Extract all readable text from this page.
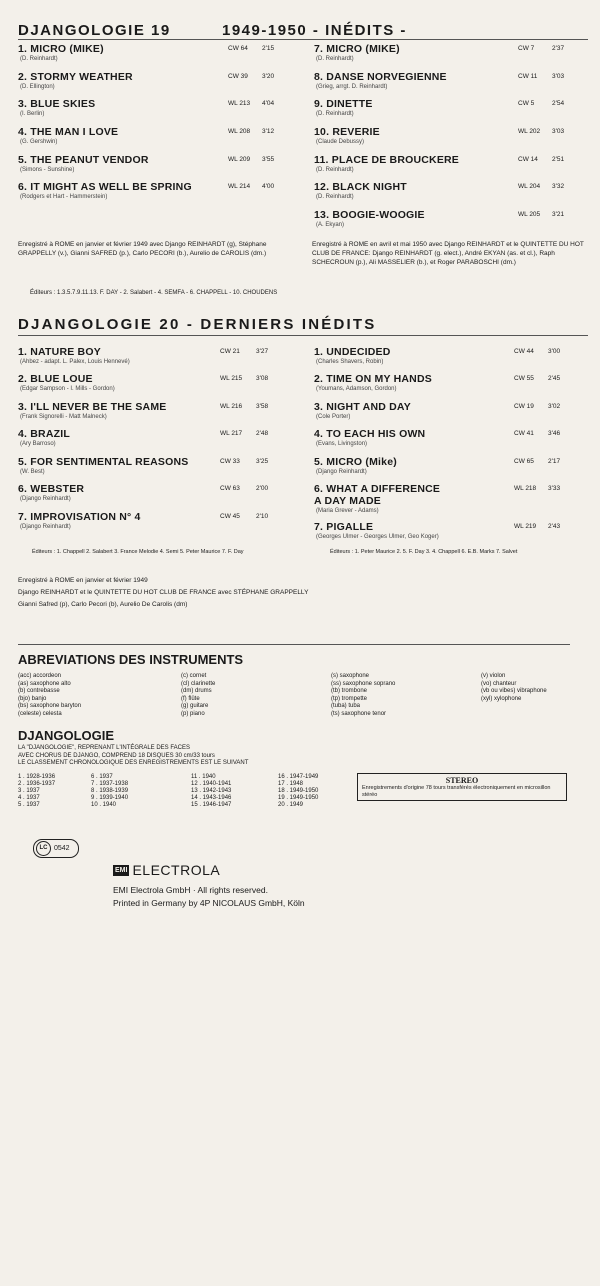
DJANGOLOGIE 19	1949-1950 - INÉDITS -
1. MICRO (MIKE)
(D. Reinhardt)
CW 64 2'15
2. STORMY WEATHER
(D. Ellington)
CW 39 3'20
3. BLUE SKIES
(I. Berlin)
WL 213 4'04
4. THE MAN I LOVE
(G. Gershwin)
WL 208 3'12
5. THE PEANUT VENDOR
(Simons - Sunshine)
WL 209 3'55
6. IT MIGHT AS WELL BE SPRING
(Rodgers et Hart - Hammerstein)
WL 214 4'00
7. MICRO (MIKE)
(D. Reinhardt)
CW 7	2'37
8. DANSE NORVEGIENNE
(Grieg, arrgt. D. Reinhardt)
CW 11 3'03
9. DINETTE
(D. Reinhardt)
CW 5	2'54
10. REVERIE
(Claude Debussy)
WL 202 3'03
11. PLACE DE BROUCKERE
(D. Reinhardt)
CW 14 2'51
12. BLACK NIGHT
(D. Reinhardt)
WL 204 3'32
13. BOOGIE-WOOGIE
(A. Ekyan)
WL 205 3'21
Enregistré à ROME en janvier et février 1949 avec Django REINHARDT (g), Stéphane GRAPPELLY (v.), Gianni SAFRED (p.), Carlo PECORI (b.), Aurelio de CAROLIS (dm.)
Enregistré à ROME en avril et mai 1950 avec Django REINHARDT et le QUINTETTE DU HOT CLUB DE FRANCE: Django REINHARDT (g. elect.), André EKYAN (as. et cl.), Raph SCHECROUN (p.), Ali MASSELIER (b.), et Roger PARABOSCHI (dm.)
Éditeurs : 1.3.5.7.9.11.13. F. DAY - 2. Salabert - 4. SEMFA - 6. CHAPPELL - 10. CHOUDENS
DJANGOLOGIE 20 - DERNIERS INÉDITS
1. NATURE BOY
(Ahbez - adapt. L. Palex, Louis Hennevé)
CW 21 3'27
2. BLUE LOUE
(Edgar Sampson - I. Mills - Gordon)
WL 215 3'08
3. I'LL NEVER BE THE SAME
(Frank Signorelli - Matt Malneck)
WL 216 3'58
4. BRAZIL
(Ary Barroso)
WL 217 2'48
5. FOR SENTIMENTAL REASONS
(W. Best)
CW 33 3'25
6. WEBSTER
(Django Reinhardt)
CW 63 2'00
7. IMPROVISATION N° 4
(Django Reinhardt)
CW 45 2'10
1. UNDECIDED
(Charles Shavers, Robin)
CW 44 3'00
2. TIME ON MY HANDS
(Youmans, Adamson, Gordon)
CW 55 2'45
3. NIGHT AND DAY
(Cole Porter)
CW 19 3'02
4. TO EACH HIS OWN
(Evans, Livingston)
CW 41 3'46
5. MICRO (Mike)
(Django Reinhardt)
CW 65 2'17
6. WHAT A DIFFERENCE
A DAY MADE
(Maria Grever - Adams)
WL 218 3'33
7. PIGALLE
(Georges Ulmer - Georges Ulmer, Geo Koger)
WL 219 2'43
Éditeurs : 1. Chappell 2. Salabert 3. France Melodie 4. Semi 5. Peter Maurice 7. F. Day	Éditeurs : 1. Peter Maurice 2. 5. F. Day 3. 4. Chappell 6. E.B. Marks 7. Salvet
Enregistré à ROME en janvier et février 1949
Django REINHARDT et le QUINTETTE DU HOT CLUB DE FRANCE avec STÉPHANE GRAPPELLY
Gianni Safred (p), Carlo Pecori (b), Aurelio De Carolis (dm)
ABREVIATIONS DES INSTRUMENTS
(acc) accordeon
(as) saxophone alto
(b) contrebasse
(bjo) banjo
(bs) saxophone baryton
(celeste) celesta
(c) cornet
(cl) clarinette
(dm) drums
(f) flûte
(g) guitare
(p) piano
(s) saxophone
(ss) saxophone soprano
(tb) trombone
(tp) trompette
(tuba) tuba
(ts) saxophone tenor
(v) violon
(vo) chanteur
(vb ou vibes) vibraphone
(xyl) xylophone
DJANGOLOGIE
LA "DJANGOLOGIE", REPRENANT L'INTÉGRALE DES FACES
AVEC CHORUS DE DJANGO, COMPREND 18 DISQUES 30 cm/33 tours
LE CLASSEMENT CHRONOLOGIQUE DES ENREGISTREMENTS EST LE SUIVANT
1 . 1928-1936
2 . 1936-1937
3 . 1937
4 . 1937
5 . 1937
6 . 1937
7 . 1937-1938
8 . 1938-1939
9 . 1939-1940
10 . 1940
11 . 1940
12 . 1940-1941
13 . 1942-1943
14 . 1943-1946
15 . 1946-1947
16 . 1947-1949
17 . 1948
18 . 1949-1950
19 . 1949-1950
20 . 1949
STEREO
Enregistrements d'origine 78 tours transférés électroniquement en microsillon stéréo
LC 0542
EMI ELECTROLA
EMI Electrola GmbH · All rights reserved.
Printed in Germany by 4P NICOLAUS GmbH, Köln
